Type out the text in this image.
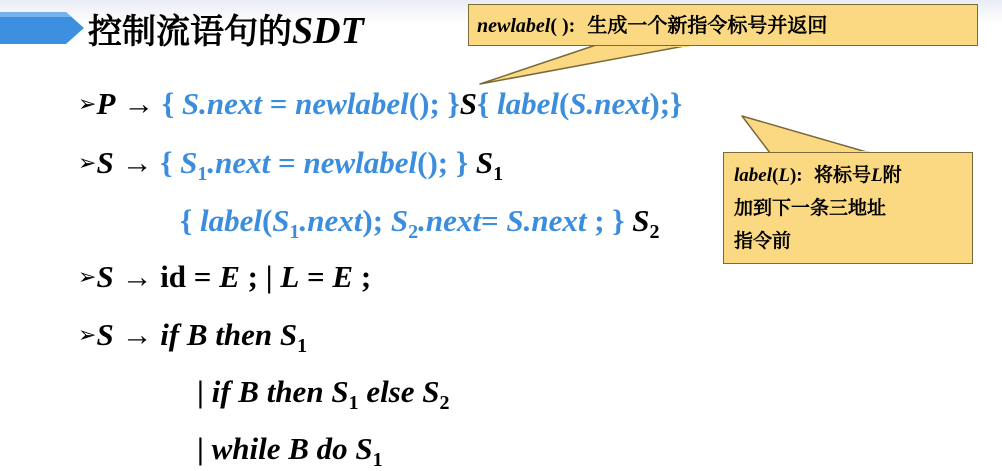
控制流语句的SDT	newlabel( ): 生成一个新指令标号并返回
label(L): 将标号L附
加到下一条三地址
指令前
➢P → { S.next = newlabel(); }S{ label(S.next);}
➢S → { $S_1.next$ = newlabel(); } $S_1$
{ $label(S_1.next)$; $S_2.next=$ S.next ; } $S_2$
➢S → id = E ; | L = E ;
➢S → if B then $S_1$
| if B then $S_1$ else $S_2$
| while B do $S_1$
